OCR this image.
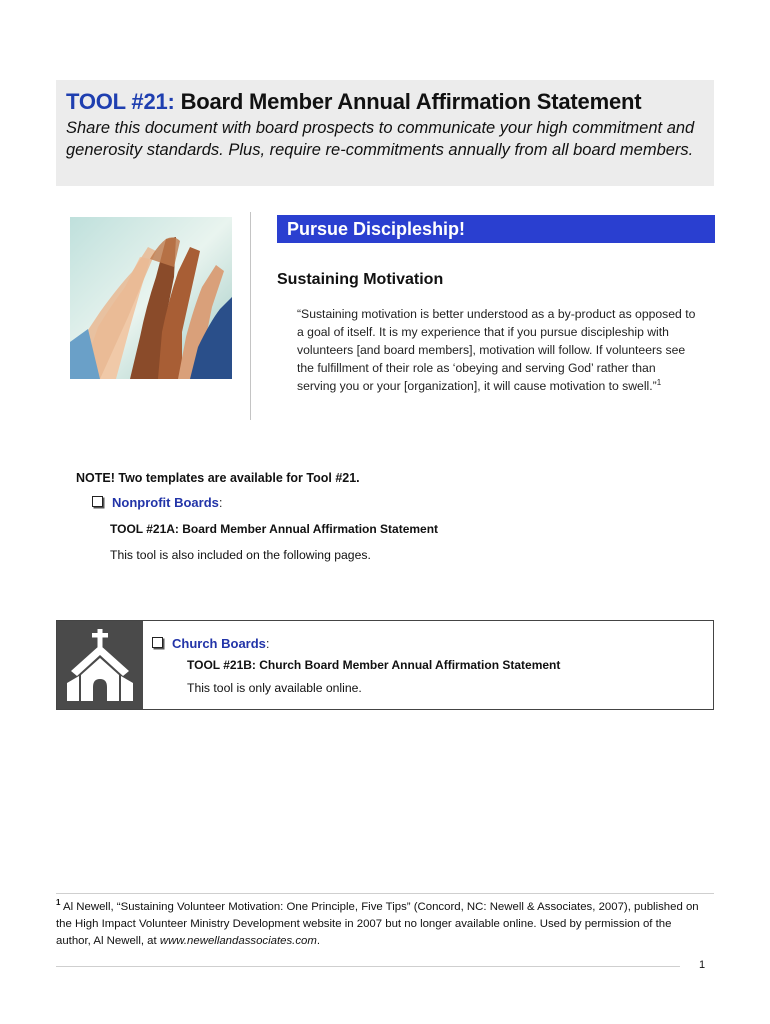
TOOL #21: Board Member Annual Affirmation Statement
Share this document with board prospects to communicate your high commitment and generosity standards. Plus, require re-commitments annually from all board members.
Pursue Discipleship!
Sustaining Motivation
“Sustaining motivation is better understood as a by-product as opposed to a goal of itself. It is my experience that if you pursue discipleship with volunteers [and board members], motivation will follow. If volunteers see the fulfillment of their role as ‘obeying and serving God’ rather than serving you or your [organization], it will cause motivation to swell.”$^1$
NOTE! Two templates are available for Tool #21.
Nonprofit Boards:
TOOL #21A: Board Member Annual Affirmation Statement
This tool is also included on the following pages.
Church Boards:
TOOL #21B: Church Board Member Annual Affirmation Statement
This tool is only available online.
$^1$ Al Newell, “Sustaining Volunteer Motivation: One Principle, Five Tips” (Concord, NC: Newell & Associates, 2007), published on the High Impact Volunteer Ministry Development website in 2007 but no longer available online. Used by permission of the author, Al Newell, at www.newellandassociates.com.
1
